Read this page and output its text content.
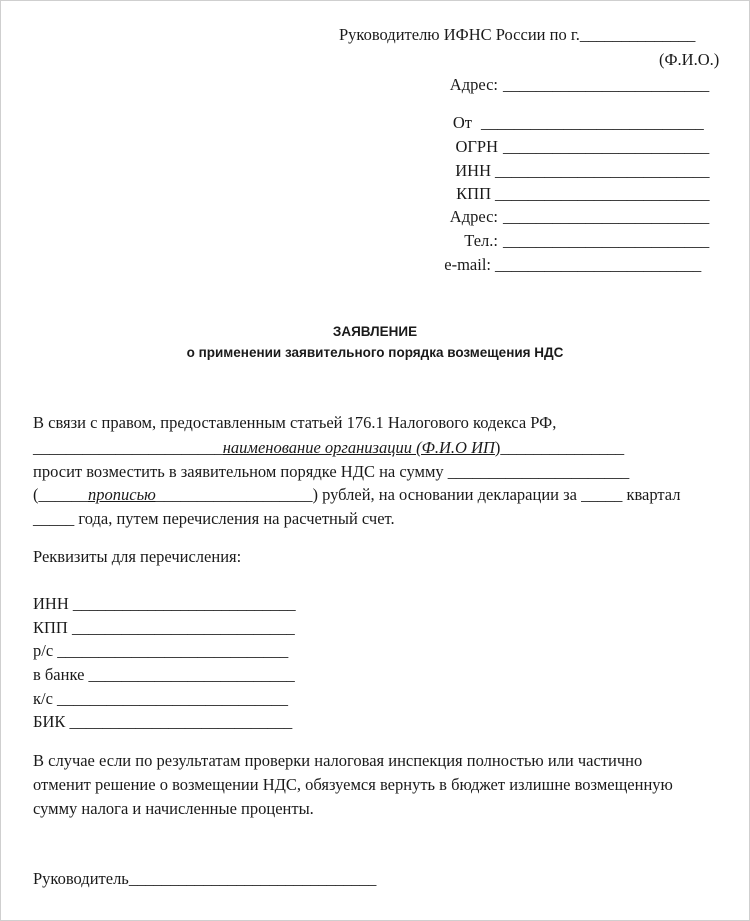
Руководителю ИФНС России по г.______________
(Ф.И.О.)
Адрес: _________________________
От ___________________________
ОГРН _________________________
ИНН __________________________
КПП __________________________
Адрес: _________________________
Тел.: _________________________
e-mail: _________________________
ЗАЯВЛЕНИЕ
о применении заявительного порядка возмещения НДС
В связи с правом, предоставленным статьей 176.1 Налогового кодекса РФ,
_______________________наименование организации (Ф.И.О ИП)_______________
просит возместить в заявительном порядке НДС на сумму ______________________
(______прописью___________________) рублей, на основании декларации за _____ квартал
_____ года, путем перечисления на расчетный счет.
Реквизиты для перечисления:
ИНН ___________________________
КПП ___________________________
р/с ____________________________
в банке _________________________
к/с ____________________________
БИК ___________________________
В случае если по результатам проверки налоговая инспекция полностью или частично
отменит решение о возмещении НДС, обязуемся вернуть в бюджет излишне возмещенную
сумму налога и начисленные проценты.
Руководитель______________________________
